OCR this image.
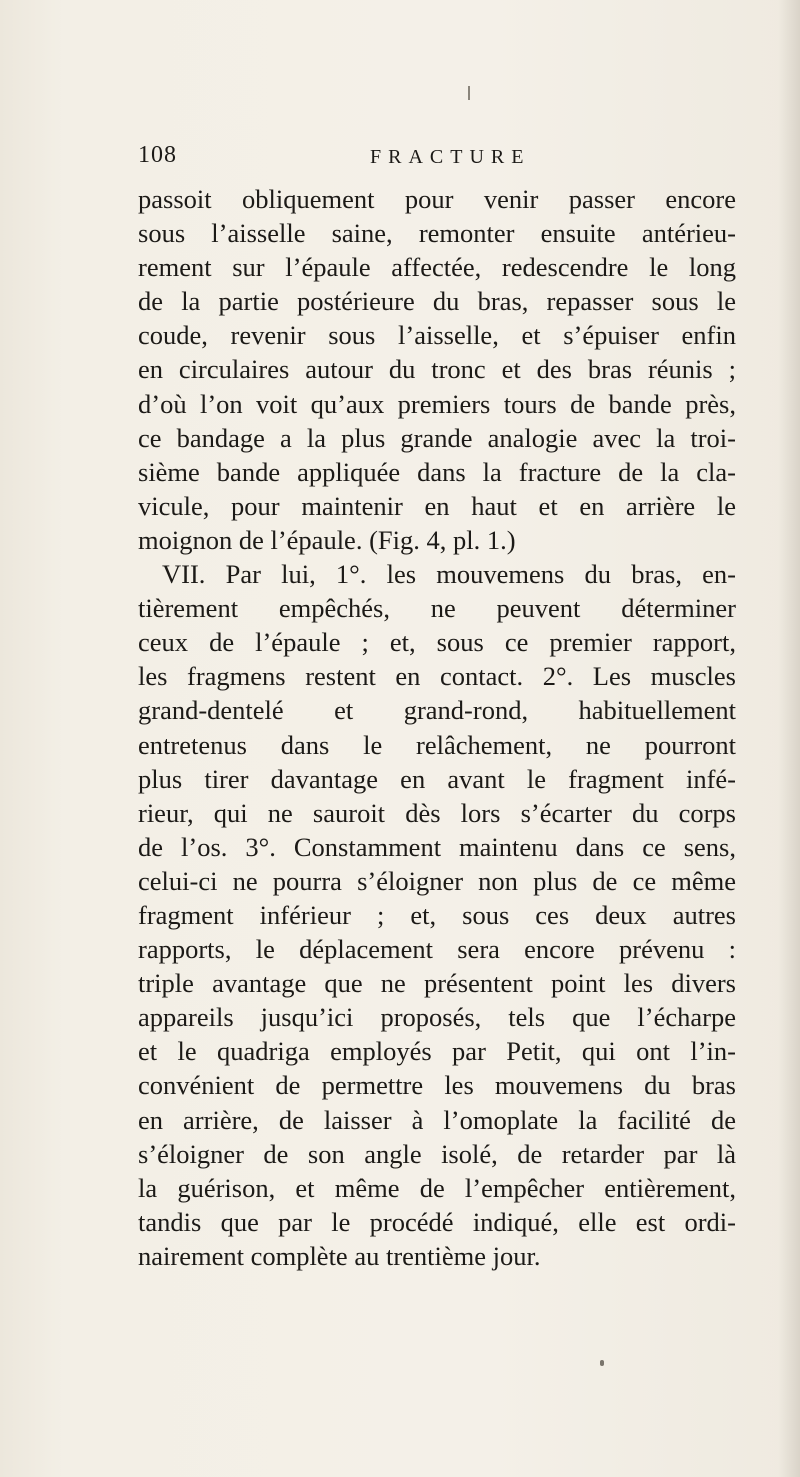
108	FRACTURE
passoit obliquement pour venir passer encore
sous l’aisselle saine, remonter ensuite antérieu-
rement sur l’épaule affectée, redescendre le long
de la partie postérieure du bras, repasser sous le
coude, revenir sous l’aisselle, et s’épuiser enfin
en circulaires autour du tronc et des bras réunis ;
d’où l’on voit qu’aux premiers tours de bande près,
ce bandage a la plus grande analogie avec la troi-
sième bande appliquée dans la fracture de la cla-
vicule, pour maintenir en haut et en arrière le
moignon de l’épaule. (Fig. 4, pl. 1.)
VII. Par lui, 1°. les mouvemens du bras, en-
tièrement empêchés, ne peuvent déterminer
ceux de l’épaule ; et, sous ce premier rapport,
les fragmens restent en contact. 2°. Les muscles
grand-dentelé et grand-rond, habituellement
entretenus dans le relâchement, ne pourront
plus tirer davantage en avant le fragment infé-
rieur, qui ne sauroit dès lors s’écarter du corps
de l’os. 3°. Constamment maintenu dans ce sens,
celui-ci ne pourra s’éloigner non plus de ce même
fragment inférieur ; et, sous ces deux autres
rapports, le déplacement sera encore prévenu :
triple avantage que ne présentent point les divers
appareils jusqu’ici proposés, tels que l’écharpe
et le quadriga employés par Petit, qui ont l’in-
convénient de permettre les mouvemens du bras
en arrière, de laisser à l’omoplate la facilité de
s’éloigner de son angle isolé, de retarder par là
la guérison, et même de l’empêcher entièrement,
tandis que par le procédé indiqué, elle est ordi-
nairement complète au trentième jour.
